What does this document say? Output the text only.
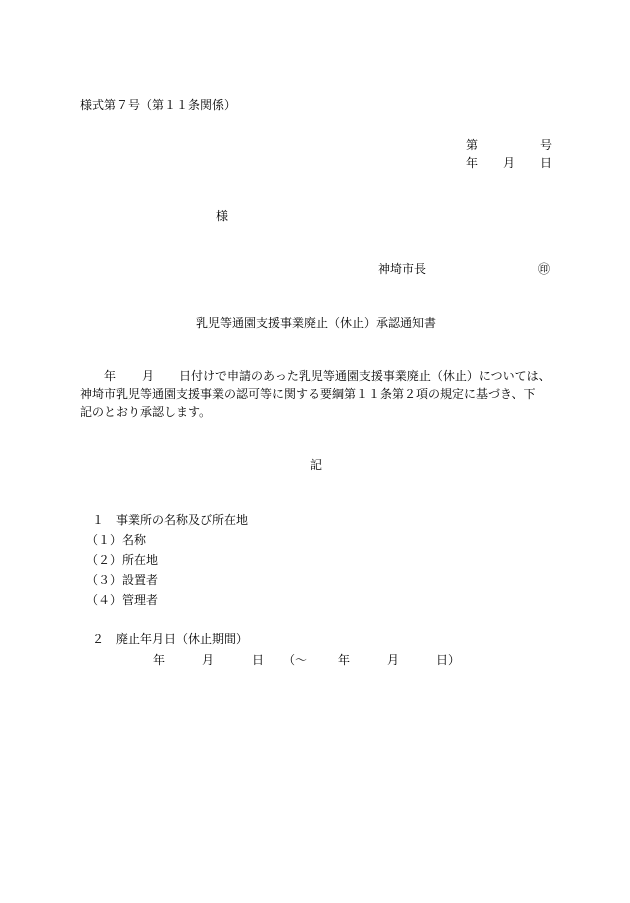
様式第７号（第１１条関係）
第	号
年 月 日
様
神埼市長	㊞
乳児等通園支援事業廃止（休止）承認通知書
年 月 日付けで申請のあった乳児等通園支援事業廃止（休止）については、
神埼市乳児等通園支援事業の認可等に関する要綱第１１条第２項の規定に基づき、下
記のとおり承認します。
記
１　事業所の名称及び所在地
（１）名称
（２）所在地
（３）設置者
（４）管理者
２　廃止年月日（休止期間）
年	月	日 （〜	年	月	日）
